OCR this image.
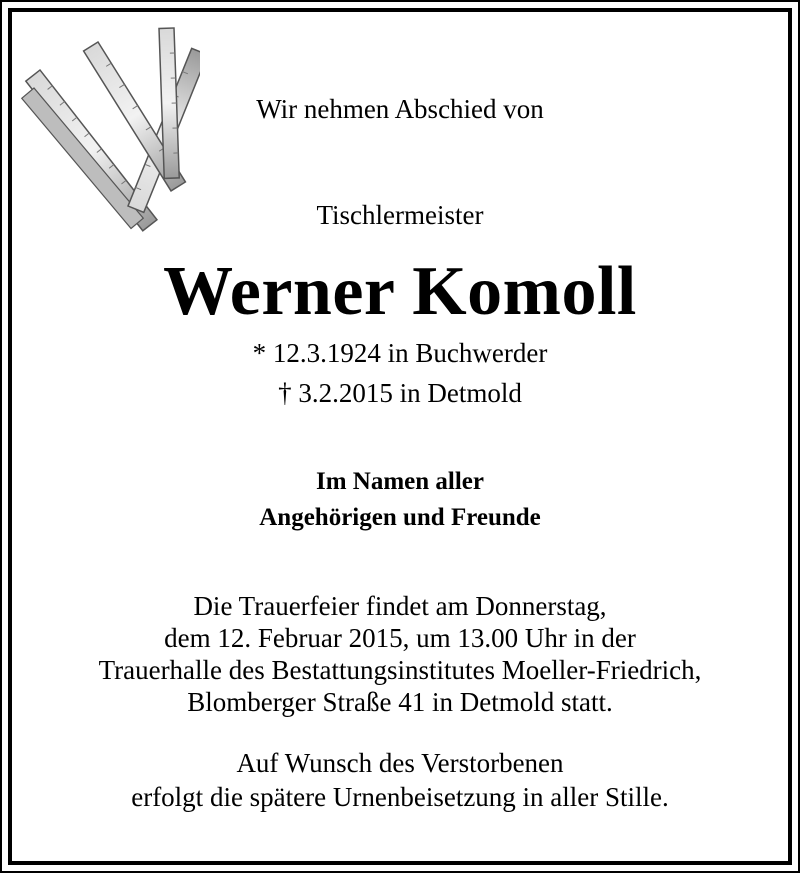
Wir nehmen Abschied von
Tischlermeister
Werner Komoll
* 12.3.1924 in Buchwerder
† 3.2.2015 in Detmold
Im Namen aller
Angehörigen und Freunde
Die Trauerfeier findet am Donnerstag,
dem 12. Februar 2015, um 13.00 Uhr in der
Trauerhalle des Bestattungsinstitutes Moeller-Friedrich,
Blomberger Straße 41 in Detmold statt.
Auf Wunsch des Verstorbenen
erfolgt die spätere Urnenbeisetzung in aller Stille.
